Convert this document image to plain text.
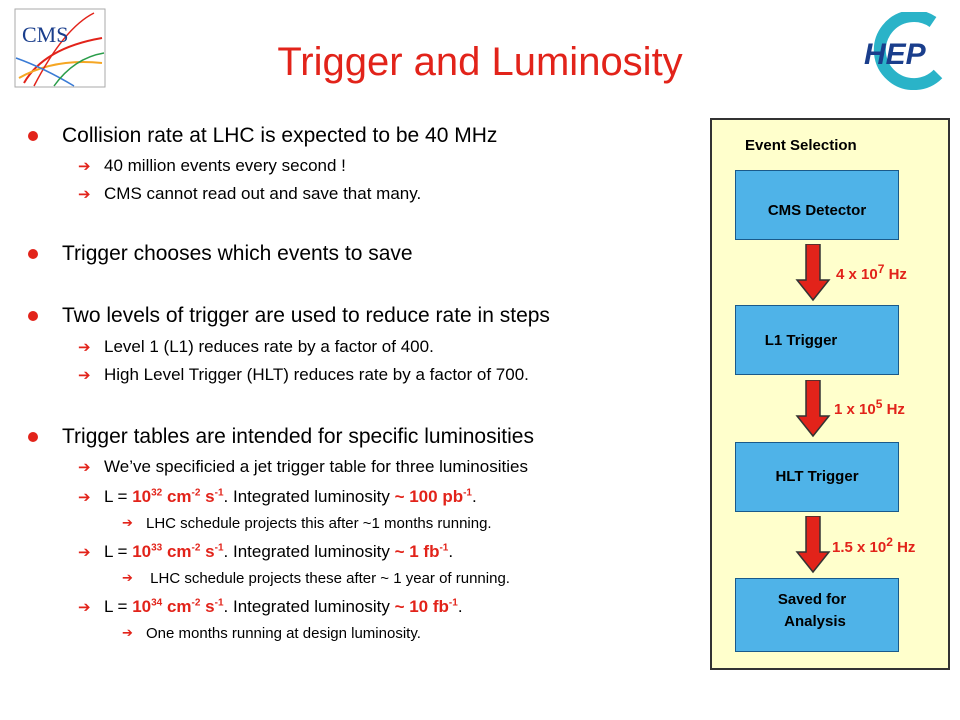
CMS
HEP
Trigger and Luminosity
Collision rate at LHC is expected to be 40 MHz
➔ 40 million events every second !
➔ CMS cannot read out and save that many.
Trigger chooses which events to save
Two levels of trigger are used to reduce rate in steps
➔ Level 1 (L1) reduces rate by a factor of 400.
➔ High Level Trigger (HLT) reduces rate by a factor of 700.
Trigger tables are intended for specific luminosities
➔ We’ve specificied a jet trigger table for three luminosities
➔ $L = 10^{32}$ $cm^{-2}$ $s^{-1}$. Integrated luminosity ~ 100 $pb^{-1}$.
➔ LHC schedule projects this after ~1 months running.
➔ $L = 10^{33}$ $cm^{-2}$ $s^{-1}$. Integrated luminosity ~ 1 $fb^{-1}$.
➔ LHC schedule projects these after ~ 1 year of running.
➔ $L = 10^{34}$ $cm^{-2}$ $s^{-1}$. Integrated luminosity ~ 10 $fb^{-1}$.
➔ One months running at design luminosity.
Event Selection
CMS Detector
4 x $10^7$ Hz
L1 Trigger
1 x $10^5$ Hz
HLT Trigger
1.5 x $10^2$ Hz
Saved for
Analysis
